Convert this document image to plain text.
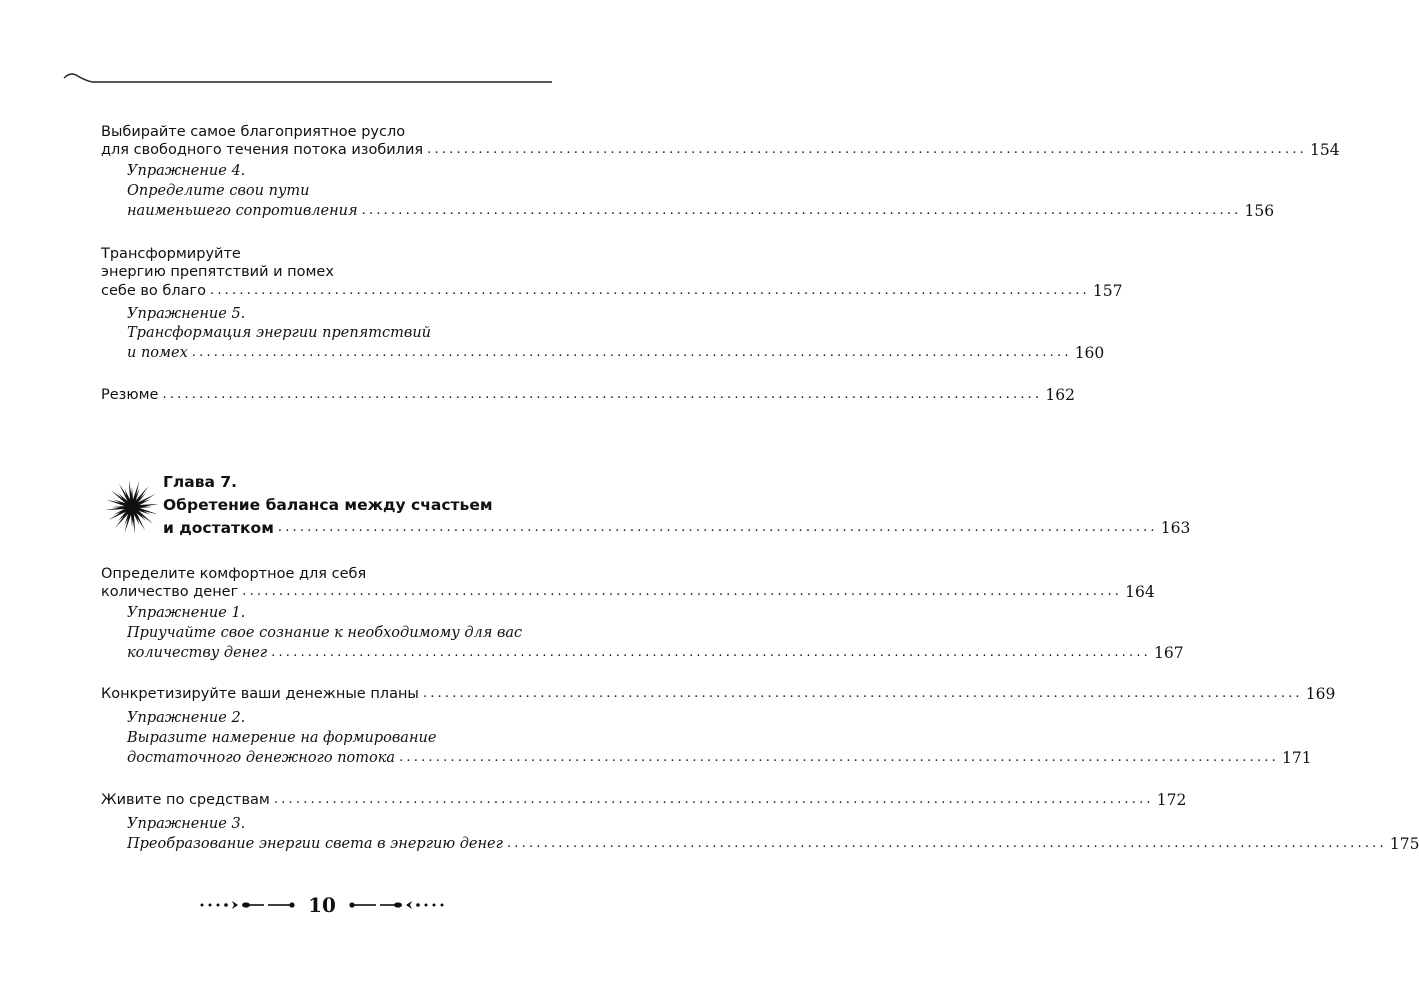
Выбирайте самое благоприятное русло
для свободного течения потока изобилия ........................................................................................................................ 154
Упражнение 4.
Определите свои пути
наименьшего сопротивления ........................................................................................................................ 156
Трансформируйте
энергию препятствий и помех
себе во благо ........................................................................................................................ 157
Упражнение 5.
Трансформация энергии препятствий
и помех ........................................................................................................................ 160
Резюме ........................................................................................................................ 162
Глава 7.
Обретение баланса между счастьем
и достатком ........................................................................................................................ 163
Определите комфортное для себя
количество денег ........................................................................................................................ 164
Упражнение 1.
Приучайте свое сознание к необходимому для вас
количеству денег ........................................................................................................................ 167
Конкретизируйте ваши денежные планы ........................................................................................................................ 169
Упражнение 2.
Выразите намерение на формирование
достаточного денежного потока ........................................................................................................................ 171
Живите по средствам ........................................................................................................................ 172
Упражнение 3.
Преобразование энергии света в энергию денег ........................................................................................................................ 175
10
